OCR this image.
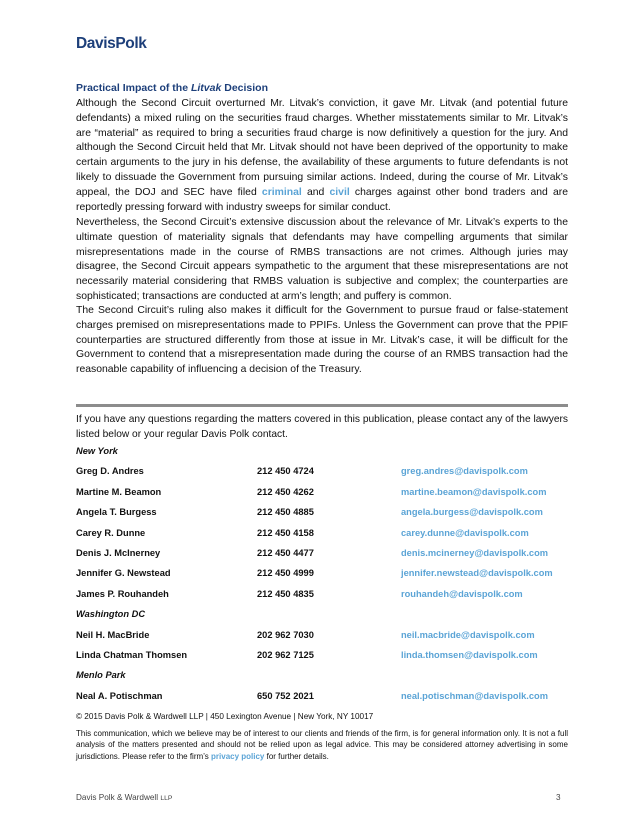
DavisPolk
Practical Impact of the Litvak Decision

Although the Second Circuit overturned Mr. Litvak’s conviction, it gave Mr. Litvak (and potential future defendants) a mixed ruling on the securities fraud charges. Whether misstatements similar to Mr. Litvak’s are “material” as required to bring a securities fraud charge is now definitively a question for the jury. And although the Second Circuit held that Mr. Litvak should not have been deprived of the opportunity to make certain arguments to the jury in his defense, the availability of these arguments to future defendants is not likely to dissuade the Government from pursuing similar actions. Indeed, during the course of Mr. Litvak’s appeal, the DOJ and SEC have filed criminal and civil charges against other bond traders and are reportedly pressing forward with industry sweeps for similar conduct.

Nevertheless, the Second Circuit’s extensive discussion about the relevance of Mr. Litvak’s experts to the ultimate question of materiality signals that defendants may have compelling arguments that similar misrepresentations made in the course of RMBS transactions are not crimes. Although juries may disagree, the Second Circuit appears sympathetic to the argument that these misrepresentations are not necessarily material considering that RMBS valuation is subjective and complex; the counterparties are sophisticated; transactions are conducted at arm’s length; and puffery is common.

The Second Circuit’s ruling also makes it difficult for the Government to pursue fraud or false-statement charges premised on misrepresentations made to PPIFs. Unless the Government can prove that the PPIF counterparties are structured differently from those at issue in Mr. Litvak’s case, it will be difficult for the Government to contend that a misrepresentation made during the course of an RMBS transaction had the reasonable capability of influencing a decision of the Treasury.

If you have any questions regarding the matters covered in this publication, please contact any of the lawyers listed below or your regular Davis Polk contact.

New York
Greg D. Andres	212 450 4724	greg.andres@davispolk.com
Martine M. Beamon	212 450 4262	martine.beamon@davispolk.com
Angela T. Burgess	212 450 4885	angela.burgess@davispolk.com
Carey R. Dunne	212 450 4158	carey.dunne@davispolk.com
Denis J. McInerney	212 450 4477	denis.mcinerney@davispolk.com
Jennifer G. Newstead	212 450 4999	jennifer.newstead@davispolk.com
James P. Rouhandeh	212 450 4835	rouhandeh@davispolk.com
Washington DC
Neil H. MacBride	202 962 7030	neil.macbride@davispolk.com
Linda Chatman Thomsen	202 962 7125	linda.thomsen@davispolk.com
Menlo Park
Neal A. Potischman	650 752 2021	neal.potischman@davispolk.com
© 2015 Davis Polk & Wardwell LLP | 450 Lexington Avenue | New York, NY 10017

This communication, which we believe may be of interest to our clients and friends of the firm, is for general information only. It is not a full analysis of the matters presented and should not be relied upon as legal advice. This may be considered attorney advertising in some jurisdictions. Please refer to the firm’s privacy policy for further details.

Davis Polk & Wardwell LLP	3
